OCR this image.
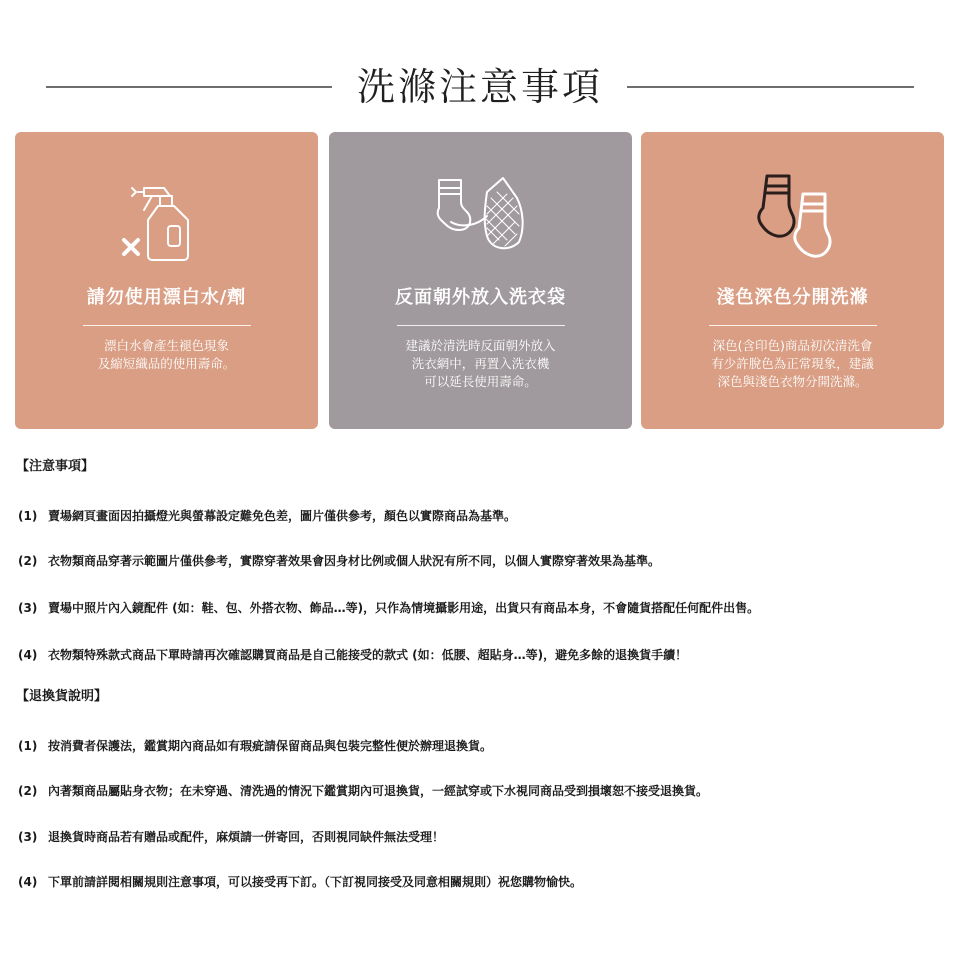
洗滌注意事項
請勿使用漂白水/劑
漂白水會產生褪色現象
及縮短織品的使用壽命。
反面朝外放入洗衣袋
建議於清洗時反面朝外放入
洗衣網中，再置入洗衣機
可以延長使用壽命。
淺色深色分開洗滌
深色(含印色)商品初次清洗會
有少許脫色為正常現象，建議
深色與淺色衣物分開洗滌。
【注意事項】
(1) 賣場網頁畫面因拍攝燈光與螢幕設定難免色差，圖片僅供參考，顏色以實際商品為基準。
(2) 衣物類商品穿著示範圖片僅供參考，實際穿著效果會因身材比例或個人狀況有所不同，以個人實際穿著效果為基準。
(3) 賣場中照片內入鏡配件 (如：鞋、包、外搭衣物、飾品…等)，只作為情境攝影用途，出貨只有商品本身，不會隨貨搭配任何配件出售。
(4) 衣物類特殊款式商品下單時請再次確認購買商品是自己能接受的款式 (如：低腰、超貼身…等)，避免多餘的退換貨手續！
【退換貨說明】
(1) 按消費者保護法，鑑賞期內商品如有瑕疵請保留商品與包裝完整性便於辦理退換貨。
(2) 內著類商品屬貼身衣物；在未穿過、清洗過的情況下鑑賞期內可退換貨，一經試穿或下水視同商品受到損壞恕不接受退換貨。
(3) 退換貨時商品若有贈品或配件，麻煩請一併寄回，否則視同缺件無法受理！
(4) 下單前請詳閱相關規則注意事項，可以接受再下訂。（下訂視同接受及同意相關規則）祝您購物愉快。
